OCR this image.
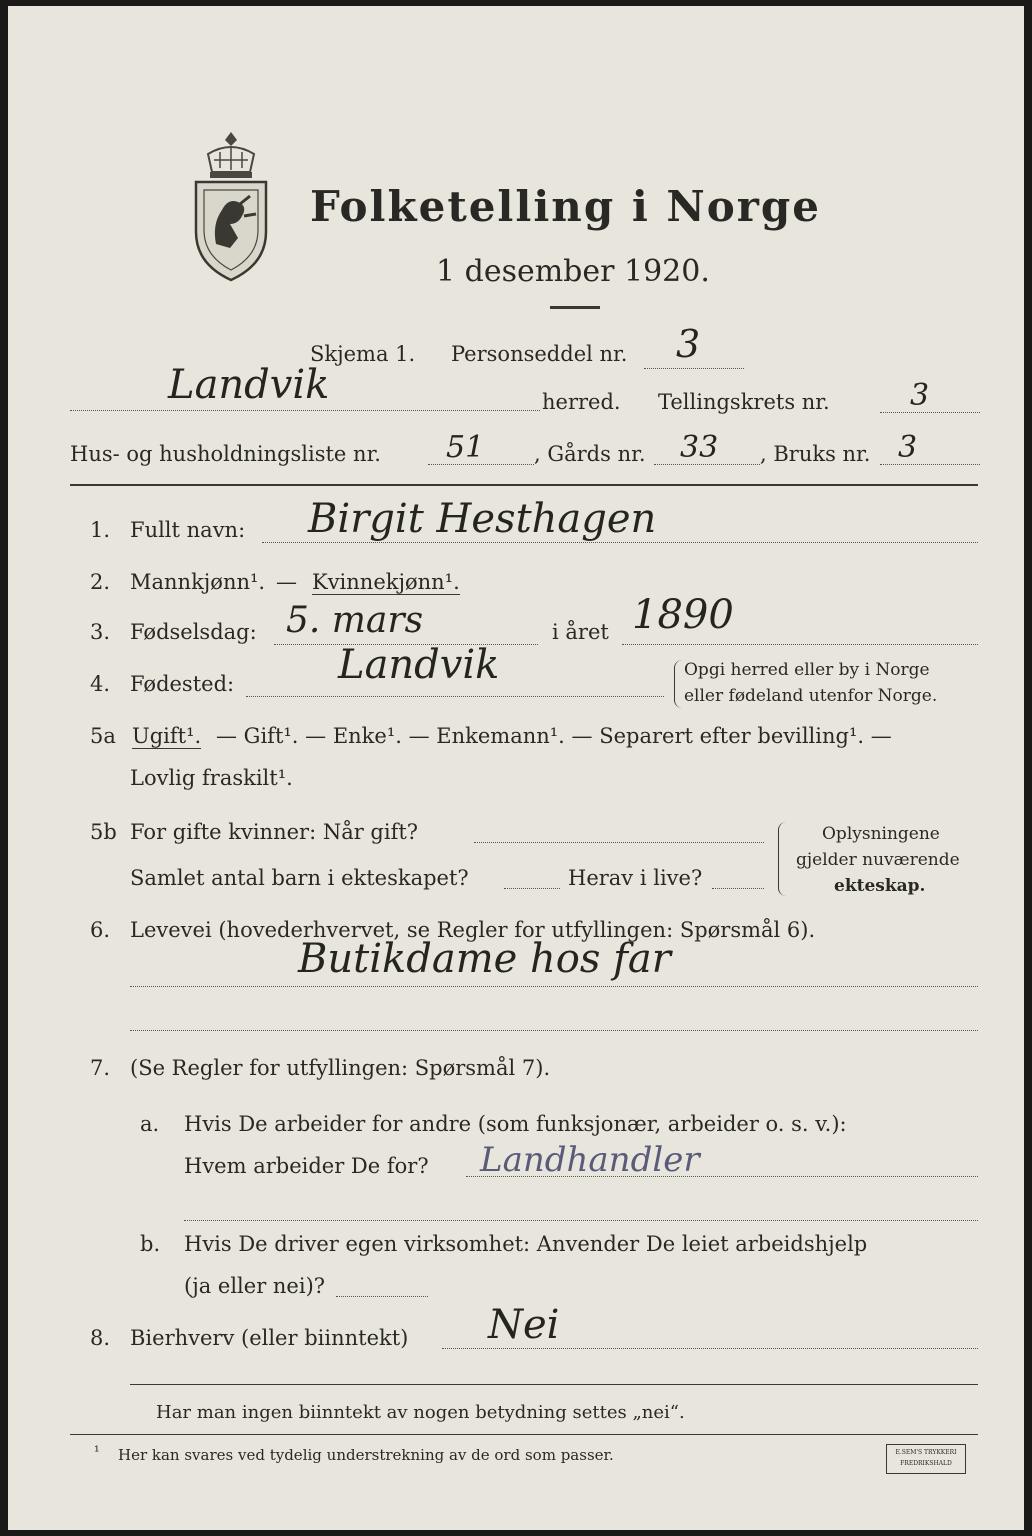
Folketelling i Norge
1 desember 1920.
Skjema 1. Personseddel nr. 3
Landvik	herred. Tellingskrets nr.	3
Hus- og husholdningsliste nr. 51 , Gårds nr. 33 , Bruks nr. 3
1. Fullt navn: Birgit Hesthagen
2. Mannkjønn¹. — Kvinnekjønn¹.
3. Fødselsdag: 5. mars	i året 1890
4. Fødested:	Landvik	Opgi herred eller by i Norge
eller fødeland utenfor Norge.
5a Ugift¹. — Gift¹. — Enke¹. — Enkemann¹. — Separert efter bevilling¹. —
Lovlig fraskilt¹.
5b For gifte kvinner: Når gift?
Samlet antal barn i ekteskapet?	Herav i live?
Oplysningene
gjelder nuværende
ekteskap.
6. Levevei (hovederhvervet, se Regler for utfyllingen: Spørsmål 6).
Butikdame hos far
7. (Se Regler for utfyllingen: Spørsmål 7).
a. Hvis De arbeider for andre (som funksjonær, arbeider o. s. v.):
Hvem arbeider De for? Landhandler
b. Hvis De driver egen virksomhet: Anvender De leiet arbeidshjelp
(ja eller nei)?
8. Bierhverv (eller biinntekt) Nei
Har man ingen biinntekt av nogen betydning settes „nei“.
¹ Her kan svares ved tydelig understrekning av de ord som passer.	E.SEM'S TRYKKERI
FREDRIKSHALD
